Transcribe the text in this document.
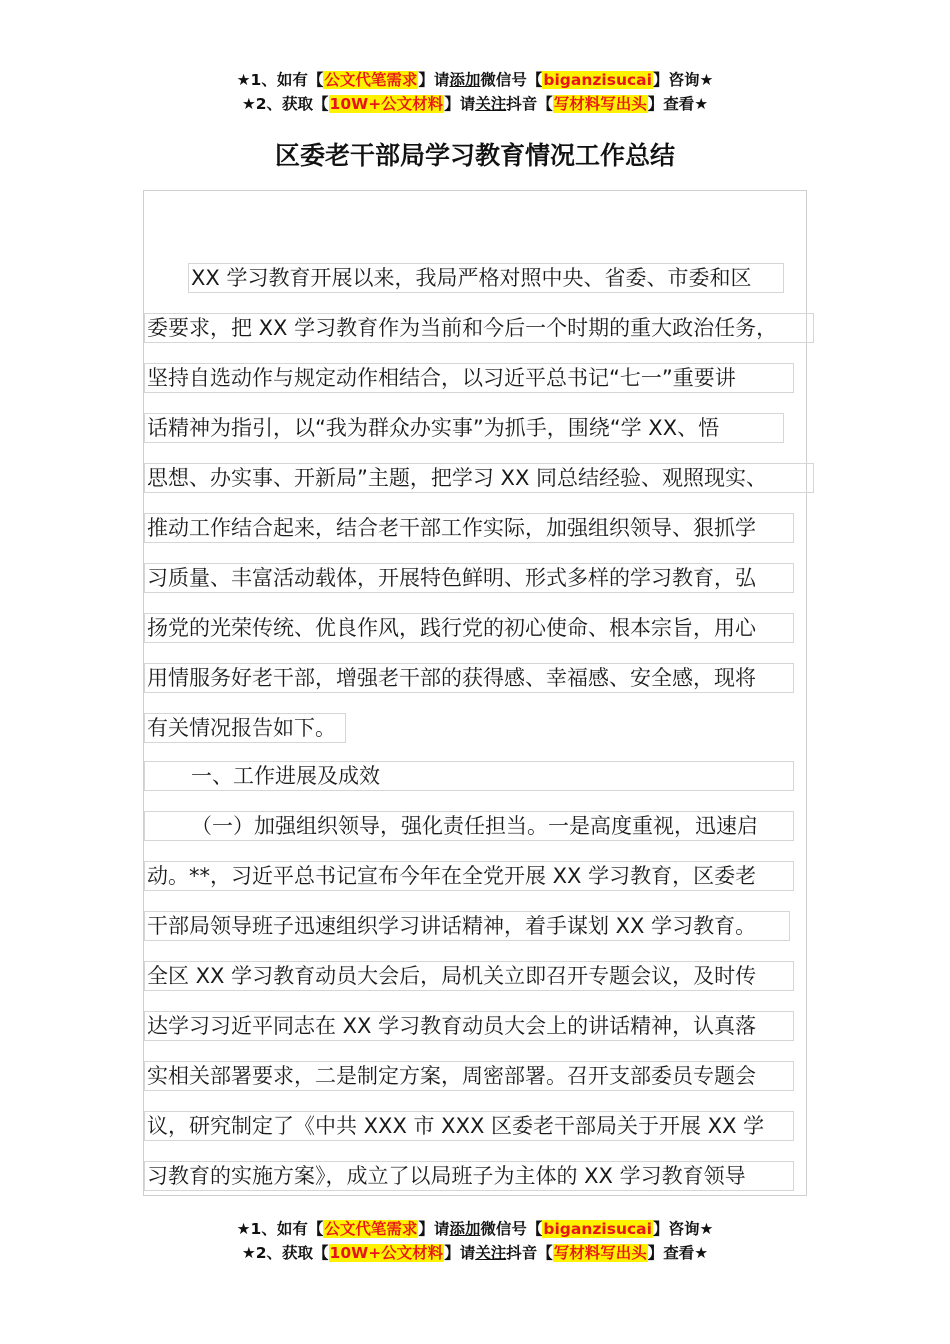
★1、如有【公文代笔需求】请添加微信号【biganzisucai】咨询★
★2、获取【10W+公文材料】请关注抖音【写材料写出头】查看★
区委老干部局学习教育情况工作总结
XX 学习教育开展以来，我局严格对照中央、省委、市委和区
委要求，把 XX 学习教育作为当前和今后一个时期的重大政治任务，
坚持自选动作与规定动作相结合，以习近平总书记“七一”重要讲
话精神为指引，以“我为群众办实事”为抓手，围绕“学 XX、悟
思想、办实事、开新局”主题，把学习 XX 同总结经验、观照现实、
推动工作结合起来，结合老干部工作实际，加强组织领导、狠抓学
习质量、丰富活动载体，开展特色鲜明、形式多样的学习教育，弘
扬党的光荣传统、优良作风，践行党的初心使命、根本宗旨，用心
用情服务好老干部，增强老干部的获得感、幸福感、安全感，现将
有关情况报告如下。
一、工作进展及成效
（一）加强组织领导，强化责任担当。一是高度重视，迅速启
动。**，习近平总书记宣布今年在全党开展 XX 学习教育，区委老
干部局领导班子迅速组织学习讲话精神，着手谋划 XX 学习教育。
全区 XX 学习教育动员大会后，局机关立即召开专题会议，及时传
达学习习近平同志在 XX 学习教育动员大会上的讲话精神，认真落
实相关部署要求，二是制定方案，周密部署。召开支部委员专题会
议，研究制定了《中共 XXX 市 XXX 区委老干部局关于开展 XX 学
习教育的实施方案》，成立了以局班子为主体的 XX 学习教育领导
★1、如有【公文代笔需求】请添加微信号【biganzisucai】咨询★
★2、获取【10W+公文材料】请关注抖音【写材料写出头】查看★
